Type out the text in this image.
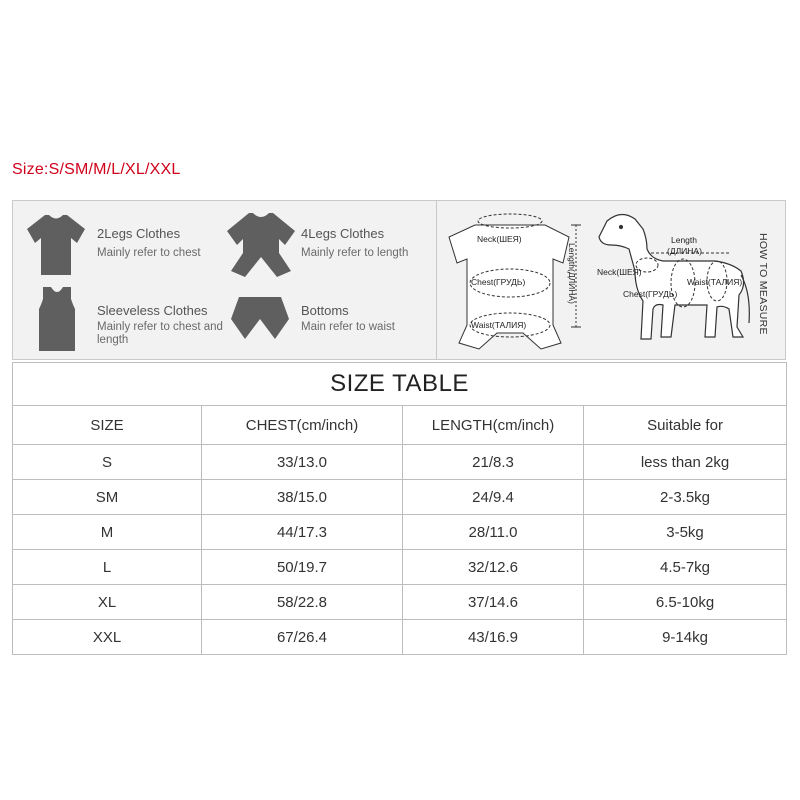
Size:S/SM/M/L/XL/XXL
2Legs Clothes
Mainly refer to chest
4Legs Clothes
Mainly refer to length
Sleeveless Clothes
Mainly refer to chest and length
Bottoms
Main refer to waist
Neck(ШЕЯ)
Chest(ГРУДЬ)
Waist(ТАЛИЯ)
Length(ДЛИНА)
Length
(ДЛИНА)
Neck(ШЕЯ)
Chest(ГРУДЬ)
Waist(ТАЛИЯ)	HOW TO MEASURE
SIZE TABLE			
SIZE	CHEST(cm/inch)	LENGTH(cm/inch)	Suitable for
S	33/13.0	21/8.3	less than 2kg
SM	38/15.0	24/9.4	2-3.5kg
M	44/17.3	28/11.0	3-5kg
L	50/19.7	32/12.6	4.5-7kg
XL	58/22.8	37/14.6	6.5-10kg
XXL	67/26.4	43/16.9	9-14kg
